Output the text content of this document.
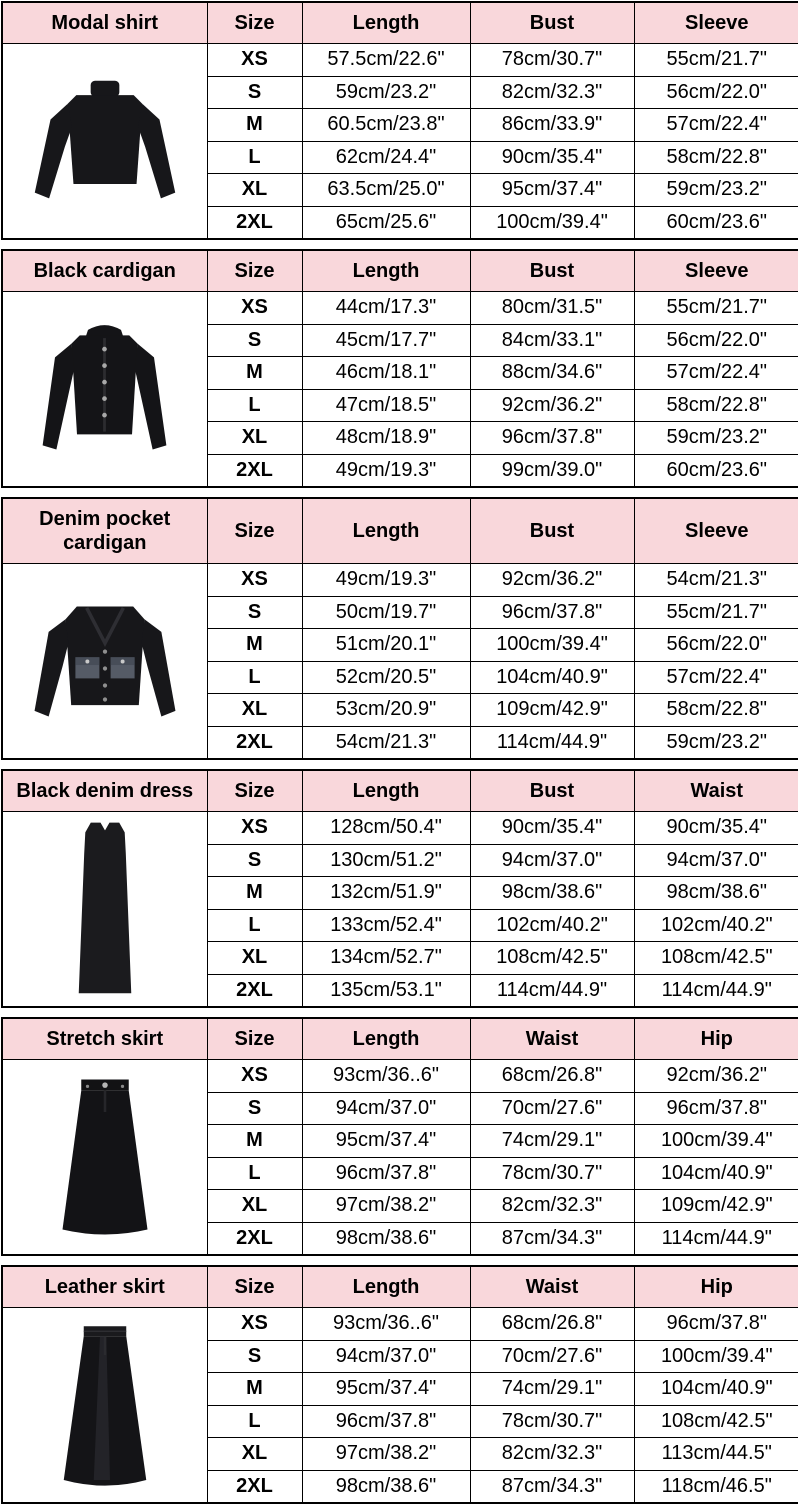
Modal shirt	Size	Length	Bust	Sleeve

	XS	57.5cm/22.6"	78cm/30.7"	55cm/21.7"
	S	59cm/23.2"	82cm/32.3"	56cm/22.0"
	M	60.5cm/23.8"	86cm/33.9"	57cm/22.4"
	L	62cm/24.4"	90cm/35.4"	58cm/22.8"
	XL	63.5cm/25.0"	95cm/37.4"	59cm/23.2"
	2XL	65cm/25.6"	100cm/39.4"	60cm/23.6"
Black cardigan	Size	Length	Bust	Sleeve

	XS	44cm/17.3"	80cm/31.5"	55cm/21.7"
	S	45cm/17.7"	84cm/33.1"	56cm/22.0"
	M	46cm/18.1"	88cm/34.6"	57cm/22.4"
	L	47cm/18.5"	92cm/36.2"	58cm/22.8"
	XL	48cm/18.9"	96cm/37.8"	59cm/23.2"
	2XL	49cm/19.3"	99cm/39.0"	60cm/23.6"
Denim pocket cardigan	Size	Length	Bust	Sleeve

	XS	49cm/19.3"	92cm/36.2"	54cm/21.3"
	S	50cm/19.7"	96cm/37.8"	55cm/21.7"
	M	51cm/20.1"	100cm/39.4"	56cm/22.0"
	L	52cm/20.5"	104cm/40.9"	57cm/22.4"
	XL	53cm/20.9"	109cm/42.9"	58cm/22.8"
	2XL	54cm/21.3"	114cm/44.9"	59cm/23.2"
Black denim dress	Size	Length	Bust	Waist

	XS	128cm/50.4"	90cm/35.4"	90cm/35.4"
	S	130cm/51.2"	94cm/37.0"	94cm/37.0"
	M	132cm/51.9"	98cm/38.6"	98cm/38.6"
	L	133cm/52.4"	102cm/40.2"	102cm/40.2"
	XL	134cm/52.7"	108cm/42.5"	108cm/42.5"
	2XL	135cm/53.1"	114cm/44.9"	114cm/44.9"
Stretch skirt	Size	Length	Waist	Hip

	XS	93cm/36..6"	68cm/26.8"	92cm/36.2"
	S	94cm/37.0"	70cm/27.6"	96cm/37.8"
	M	95cm/37.4"	74cm/29.1"	100cm/39.4"
	L	96cm/37.8"	78cm/30.7"	104cm/40.9"
	XL	97cm/38.2"	82cm/32.3"	109cm/42.9"
	2XL	98cm/38.6"	87cm/34.3"	114cm/44.9"
Leather skirt	Size	Length	Waist	Hip

	XS	93cm/36..6"	68cm/26.8"	96cm/37.8"
	S	94cm/37.0"	70cm/27.6"	100cm/39.4"
	M	95cm/37.4"	74cm/29.1"	104cm/40.9"
	L	96cm/37.8"	78cm/30.7"	108cm/42.5"
	XL	97cm/38.2"	82cm/32.3"	113cm/44.5"
	2XL	98cm/38.6"	87cm/34.3"	118cm/46.5"
